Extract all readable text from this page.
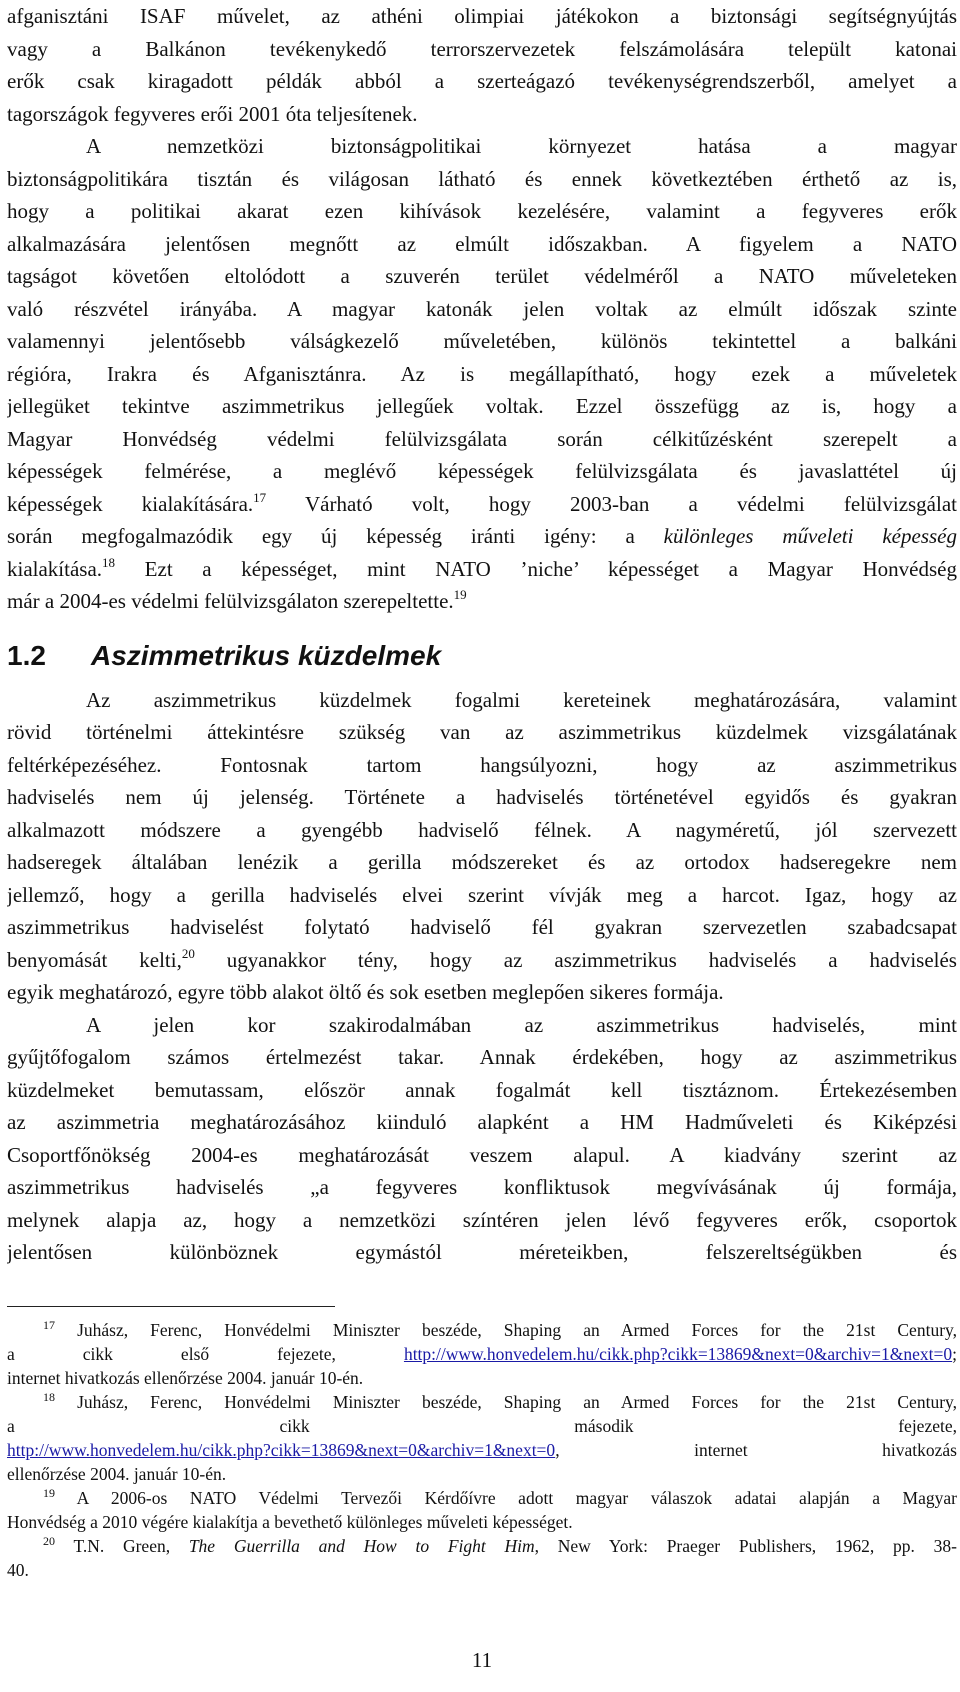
afganisztáni ISAF művelet, az athéni olimpiai játékokon a biztonsági segítségnyújtás
vagy a Balkánon tevékenykedő terrorszervezetek felszámolására települt katonai
erők csak kiragadott példák abból a szerteágazó tevékenységrendszerből, amelyet a
tagországok fegyveres erői 2001 óta teljesítenek.
A nemzetközi biztonságpolitikai környezet hatása a magyar
biztonságpolitikára tisztán és világosan látható és ennek következtében érthető az is,
hogy a politikai akarat ezen kihívások kezelésére, valamint a fegyveres erők
alkalmazására jelentősen megnőtt az elmúlt időszakban. A figyelem a NATO
tagságot követően eltolódott a szuverén terület védelméről a NATO műveleteken
való részvétel irányába. A magyar katonák jelen voltak az elmúlt időszak szinte
valamennyi jelentősebb válságkezelő műveletében, különös tekintettel a balkáni
régióra, Irakra és Afganisztánra. Az is megállapítható, hogy ezek a műveletek
jellegüket tekintve aszimmetrikus jellegűek voltak. Ezzel összefügg az is, hogy a
Magyar Honvédség védelmi felülvizsgálata során célkitűzésként szerepelt a
képességek felmérése, a meglévő képességek felülvizsgálata és javaslattétel új
képességek kialakítására.$^{17}$ Várható volt, hogy 2003-ban a védelmi felülvizsgálat
során megfogalmazódik egy új képesség iránti igény: a különleges műveleti képesség
kialakítása.$^{18}$ Ezt a képességet, mint NATO ’niche’ képességet a Magyar Honvédség
már a 2004-es védelmi felülvizsgálaton szerepeltette.$^{19}$
1.2 Aszimmetrikus küzdelmek
Az aszimmetrikus küzdelmek fogalmi kereteinek meghatározására, valamint
rövid történelmi áttekintésre szükség van az aszimmetrikus küzdelmek vizsgálatának
feltérképezéséhez. Fontosnak tartom hangsúlyozni, hogy az aszimmetrikus
hadviselés nem új jelenség. Története a hadviselés történetével egyidős és gyakran
alkalmazott módszere a gyengébb hadviselő félnek. A nagyméretű, jól szervezett
hadseregek általában lenézik a gerilla módszereket és az ortodox hadseregekre nem
jellemző, hogy a gerilla hadviselés elvei szerint vívják meg a harcot. Igaz, hogy az
aszimmetrikus hadviselést folytató hadviselő fél gyakran szervezetlen szabadcsapat
benyomását kelti,$^{20}$ ugyanakkor tény, hogy az aszimmetrikus hadviselés a hadviselés
egyik meghatározó, egyre több alakot öltő és sok esetben meglepően sikeres formája.
A jelen kor szakirodalmában az aszimmetrikus hadviselés, mint
gyűjtőfogalom számos értelmezést takar. Annak érdekében, hogy az aszimmetrikus
küzdelmeket bemutassam, először annak fogalmát kell tisztáznom. Értekezésemben
az aszimmetria meghatározásához kiinduló alapként a HM Hadműveleti és Kiképzési
Csoportfőnökség 2004-es meghatározását veszem alapul. A kiadvány szerint az
aszimmetrikus hadviselés „a fegyveres konfliktusok megvívásának új formája,
melynek alapja az, hogy a nemzetközi színtéren jelen lévő fegyveres erők, csoportok
jelentősen különböznek egymástól méreteikben, felszereltségükben és
$^{17}$ Juhász, Ferenc, Honvédelmi Miniszter beszéde, Shaping an Armed Forces for the 21st Century,
a cikk első fejezete, http://www.honvedelem.hu/cikk.php?cikk=13869&next=0&archiv=1&next=0;
internet hivatkozás ellenőrzése 2004. január 10-én.
$^{18}$ Juhász, Ferenc, Honvédelmi Miniszter beszéde, Shaping an Armed Forces for the 21st Century,
a cikk második fejezete,
http://www.honvedelem.hu/cikk.php?cikk=13869&next=0&archiv=1&next=0, internet hivatkozás
ellenőrzése 2004. január 10-én.
$^{19}$ A 2006-os NATO Védelmi Tervezői Kérdőívre adott magyar válaszok adatai alapján a Magyar
Honvédség a 2010 végére kialakítja a bevethető különleges műveleti képességet.
$^{20}$ T.N. Green, The Guerrilla and How to Fight Him, New York: Praeger Publishers, 1962, pp. 38-
40.
11
